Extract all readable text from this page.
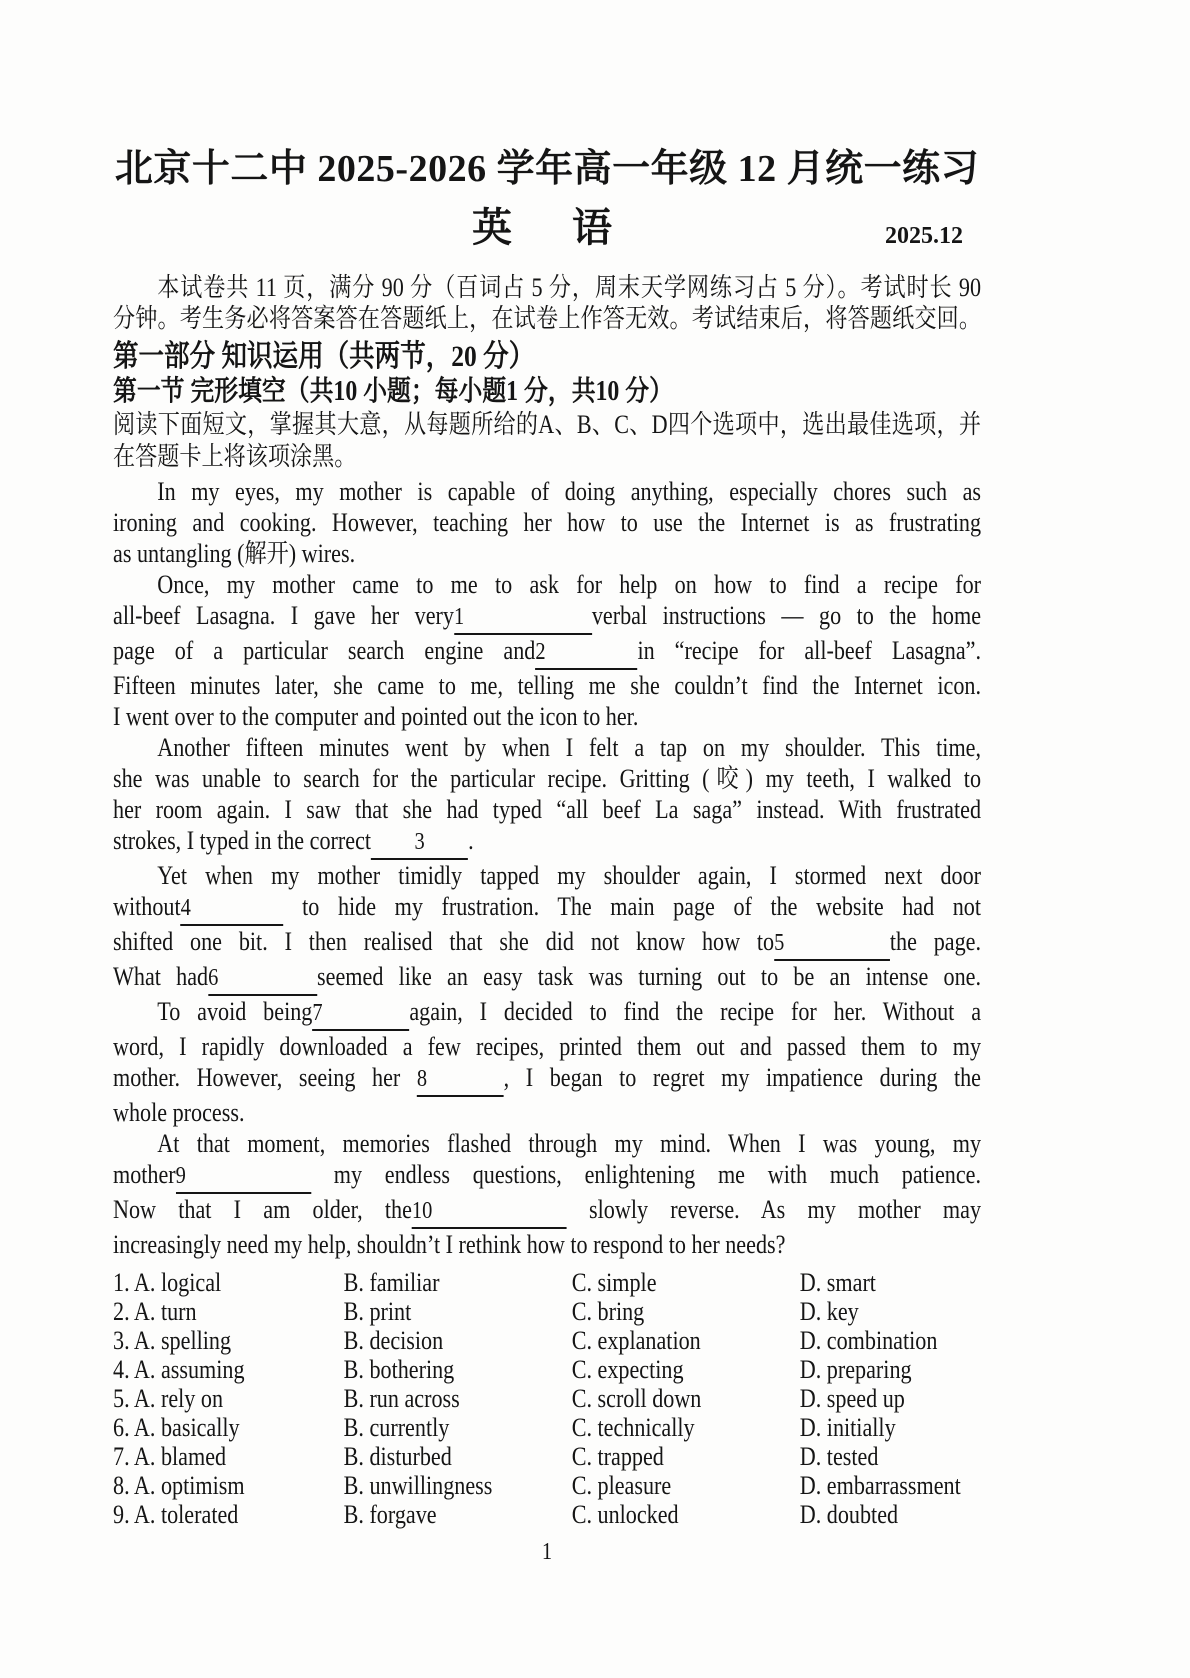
北京十二中 2025-2026 学年高一年级 12 月统一练习
英　语	2025.12
本试卷共 11 页，满分 90 分（百词占 5 分，周末天学网练习占 5 分）。考试时长 90
分钟。考生务必将答案答在答题纸上，在试卷上作答无效。考试结束后，将答题纸交回。
第一部分 知识运用（共两节，20 分）
第一节 完形填空（共10 小题；每小题1 分，共10 分）
阅读下面短文，掌握其大意，从每题所给的A、B、C、D四个选项中，选出最佳选项，并
在答题卡上将该项涂黑。
In my eyes, my mother is capable of doing anything, especially chores such as
ironing and cooking. However, teaching her how to use the Internet is as frustrating
as untangling (解开) wires.
Once, my mother came to me to ask for help on how to find a recipe for
all-beef Lasagna. I gave her very1	verbal instructions — go to the home
page of a particular search engine and2	in “recipe for all-beef Lasagna”.
Fifteen minutes later, she came to me, telling me she couldn’t find the Internet icon.
I went over to the computer and pointed out the icon to her.
Another fifteen minutes went by when I felt a tap on my shoulder. This time,
she was unable to search for the particular recipe. Gritting (咬) my teeth, I walked to
her room again. I saw that she had typed “all beef La saga” instead. With frustrated
strokes, I typed in the correct 3 .
Yet when my mother timidly tapped my shoulder again, I stormed next door
without4	to hide my frustration. The main page of the website had not
shifted one bit. I then realised that she did not know how to5	the page.
What had6	seemed like an easy task was turning out to be an intense one.
To avoid being7	again, I decided to find the recipe for her. Without a
word, I rapidly downloaded a few recipes, printed them out and passed them to my
mother. However, seeing her 8	, I began to regret my impatience during the
whole process.
At that moment, memories flashed through my mind. When I was young, my
mother9	my endless questions, enlightening me with much patience.
Now that I am older, the10	slowly reverse. As my mother may
increasingly need my help, shouldn’t I rethink how to respond to her needs?
1. A. logical	B. familiar	C. simple	D. smart
2. A. turn	B. print	C. bring	D. key
3. A. spelling	B. decision	C. explanation	D. combination
4. A. assuming	B. bothering	C. expecting	D. preparing
5. A. rely on	B. run across	C. scroll down	D. speed up
6. A. basically	B. currently	C. technically	D. initially
7. A. blamed	B. disturbed	C. trapped	D. tested
8. A. optimism	B. unwillingness	C. pleasure	D. embarrassment
9. A. tolerated	B. forgave	C. unlocked	D. doubted
1
